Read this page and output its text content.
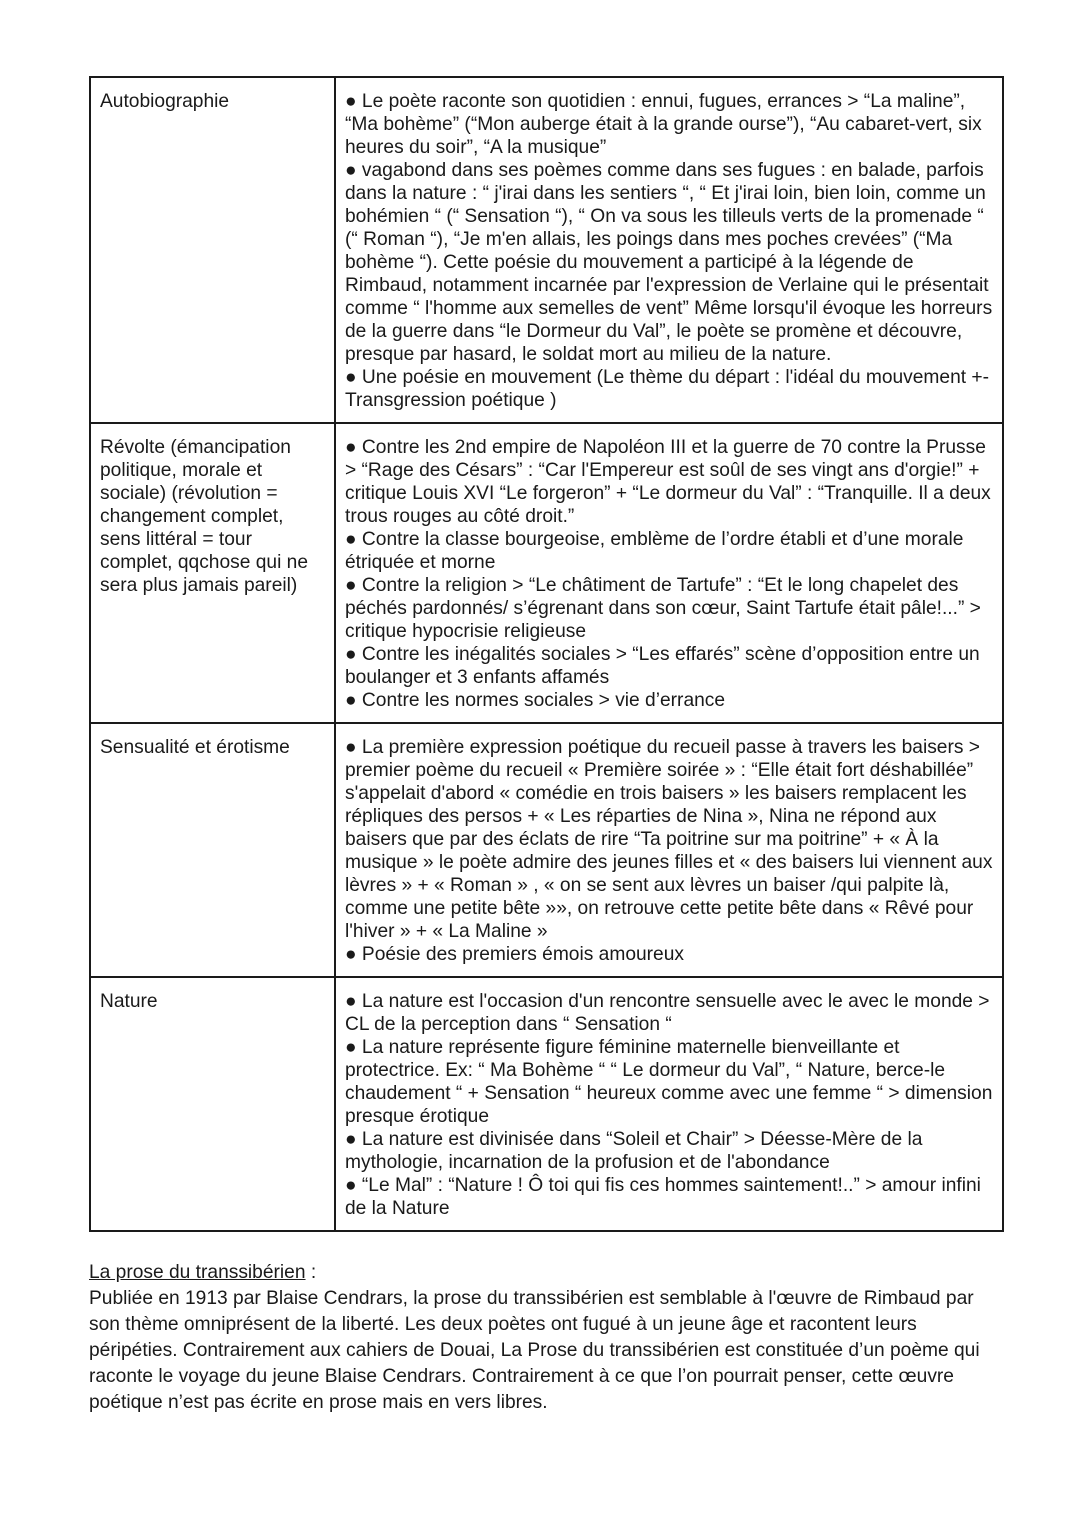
Autobiographie	● Le poète raconte son quotidien : ennui, fugues, errances > “La maline”, “Ma bohème” (“Mon auberge était à la grande ourse”), “Au cabaret-vert, six heures du soir”, “A la musique”
● vagabond dans ses poèmes comme dans ses fugues : en balade, parfois dans la nature : “ j'irai dans les sentiers “, “ Et j'irai loin, bien loin, comme un bohémien “ (“ Sensation “), “ On va sous les tilleuls verts de la promenade “ (“ Roman “), “Je m'en allais, les poings dans mes poches crevées” (“Ma bohème “). Cette poésie du mouvement a participé à la légende de Rimbaud, notamment incarnée par l'expression de Verlaine qui le présentait comme “ l'homme aux semelles de vent” Même lorsqu'il évoque les horreurs de la guerre dans “le Dormeur du Val”, le poète se promène et découvre, presque par hasard, le soldat mort au milieu de la nature.
● Une poésie en mouvement (Le thème du départ : l'idéal du mouvement +- Transgression poétique )

Révolte (émancipation politique, morale et sociale) (révolution = changement complet, sens littéral = tour complet, qqchose qui ne sera plus jamais pareil)	● Contre les 2nd empire de Napoléon III et la guerre de 70 contre la Prusse > “Rage des Césars” : “Car l'Empereur est soûl de ses vingt ans d'orgie!” + critique Louis XVI “Le forgeron” + “Le dormeur du Val” : “Tranquille. Il a deux trous rouges au côté droit.”
● Contre la classe bourgeoise, emblème de l’ordre établi et d’une morale étriquée et morne
● Contre la religion > “Le châtiment de Tartufe” : “Et le long chapelet des péchés pardonnés/ s’égrenant dans son cœur, Saint Tartufe était pâle!...” > critique hypocrisie religieuse
● Contre les inégalités sociales > “Les effarés” scène d’opposition entre un boulanger et 3 enfants affamés
● Contre les normes sociales > vie d’errance

Sensualité et érotisme	● La première expression poétique du recueil passe à travers les baisers > premier poème du recueil « Première soirée » : “Elle était fort déshabillée” s'appelait d'abord « comédie en trois baisers » les baisers remplacent les répliques des persos + « Les réparties de Nina », Nina ne répond aux baisers que par des éclats de rire “Ta poitrine sur ma poitrine” + « À la musique » le poète admire des jeunes filles et « des baisers lui viennent aux lèvres » + « Roman » , « on se sent aux lèvres un baiser /qui palpite là, comme une petite bête »», on retrouve cette petite bête dans « Rêvé pour l'hiver » + « La Maline »
● Poésie des premiers émois amoureux

Nature	● La nature est l'occasion d'un rencontre sensuelle avec le avec le monde > CL de la perception dans “ Sensation “
● La nature représente figure féminine maternelle bienveillante et protectrice. Ex: “ Ma Bohème “ “ Le dormeur du Val”, “ Nature, berce-le chaudement “ + Sensation “ heureux comme avec une femme “ > dimension presque érotique
● La nature est divinisée dans “Soleil et Chair” > Déesse-Mère de la mythologie, incarnation de la profusion et de l'abondance
● “Le Mal” : “Nature ! Ô toi qui fis ces hommes saintement!..” > amour infini de la Nature
La prose du transsibérien :
Publiée en 1913 par Blaise Cendrars, la prose du transsibérien est semblable à l'œuvre de Rimbaud par son thème omniprésent de la liberté. Les deux poètes ont fugué à un jeune âge et racontent leurs péripéties. Contrairement aux cahiers de Douai, La Prose du transsibérien est constituée d’un poème qui raconte le voyage du jeune Blaise Cendrars. Contrairement à ce que l’on pourrait penser, cette œuvre poétique n’est pas écrite en prose mais en vers libres.
